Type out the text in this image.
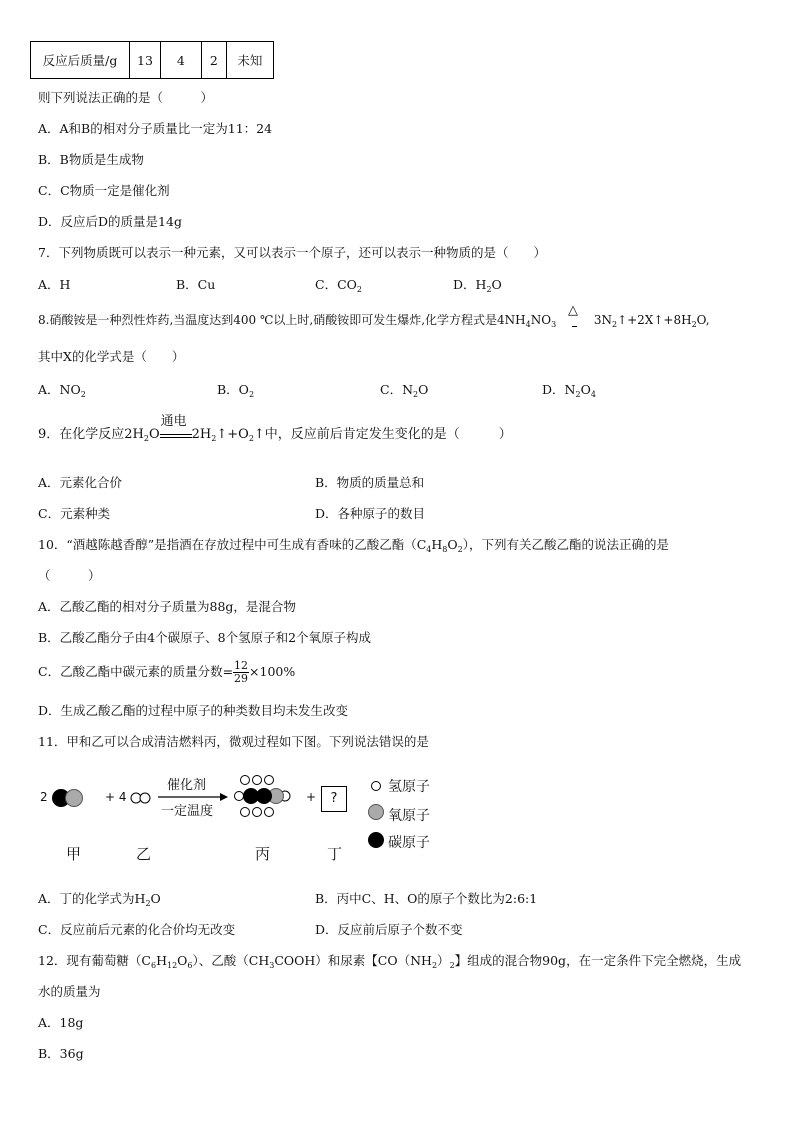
反应后质量/g	13	4	2	未知
则下列说法正确的是（　　　）
A．A和B的相对分子质量比一定为11：24
B．B物质是生成物
C．C物质一定是催化剂
D．反应后D的质量是14g
7．下列物质既可以表示一种元素，又可以表示一个原子，还可以表示一种物质的是（　　）
A．H	B．Cu	C．$CO_2$	D．$H_2O$
8.硝酸铵是一种烈性炸药,当温度达到400 ℃以上时,硝酸铵即可发生爆炸,化学方程式是$4NH_4NO_3$
△
$3N_2↑+2X↑+8H_2O$,
其中X的化学式是（　　）
A．$NO_2$	B．$O_2$	C．$N_2O$	D．$N_2O_4$
9．在化学反应$2H_2O$
通电
$2H_2↑+O_2↑$中，反应前后肯定发生变化的是（　　　）
A．元素化合价	B．物质的质量总和
C．元素种类	D．各种原子的数目
10．“酒越陈越香醇”是指酒在存放过程中可生成有香味的乙酸乙酯$(C_4H_8O_2)$，下列有关乙酸乙酯的说法正确的是
（　　　）
A．乙酸乙酯的相对分子质量为88g，是混合物
B．乙酸乙酯分子由4个碳原子、8个氢原子和2个氧原子构成
C．乙酸乙酯中碳元素的质量分数= $\frac{12}{29} \times 100\%$
D．生成乙酸乙酯的过程中原子的种类数目均未发生改变
11．甲和乙可以合成清洁燃料丙，微观过程如下图。下列说法错误的是
2	+ 4
催化剂
一定温度
+	?
氢原子
氧原子
碳原子
甲	乙	丙	丁
A．丁的化学式为$H_2O$	B．丙中C、H、O的原子个数比为2:6:1
C．反应前后元素的化合价均无改变	D．反应前后原子个数不变
12．现有葡萄糖$(C_6H_{12}O_6)$、乙酸$(CH_3COOH)$和尿素【$CO(NH_2)_2$】组成的混合物90g，在一定条件下完全燃烧，生成
水的质量为
A．18g
B．36g
